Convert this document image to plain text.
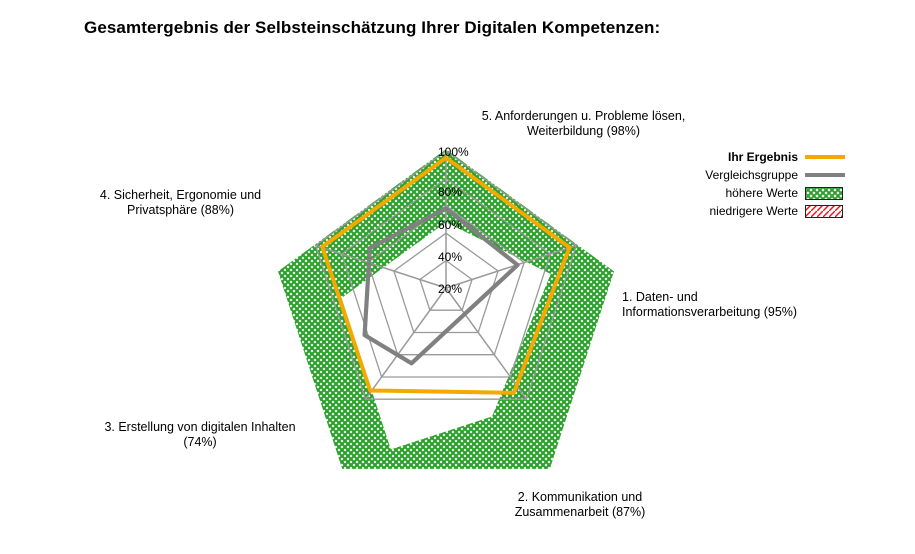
Gesamtergebnis der Selbsteinschätzung Ihrer Digitalen Kompetenzen:
20%
40%
60%
80%
100%
1. Daten- und Informationsverarbeitung (95%)
2. Kommunikation und Zusammenarbeit (87%)
3. Erstellung von digitalen Inhalten (74%)
4. Sicherheit, Ergonomie und Privatsphäre (88%)
5. Anforderungen u. Probleme lösen, Weiterbildung (98%)
Ihr Ergebnis
Vergleichsgruppe
höhere Werte
niedrigere Werte
